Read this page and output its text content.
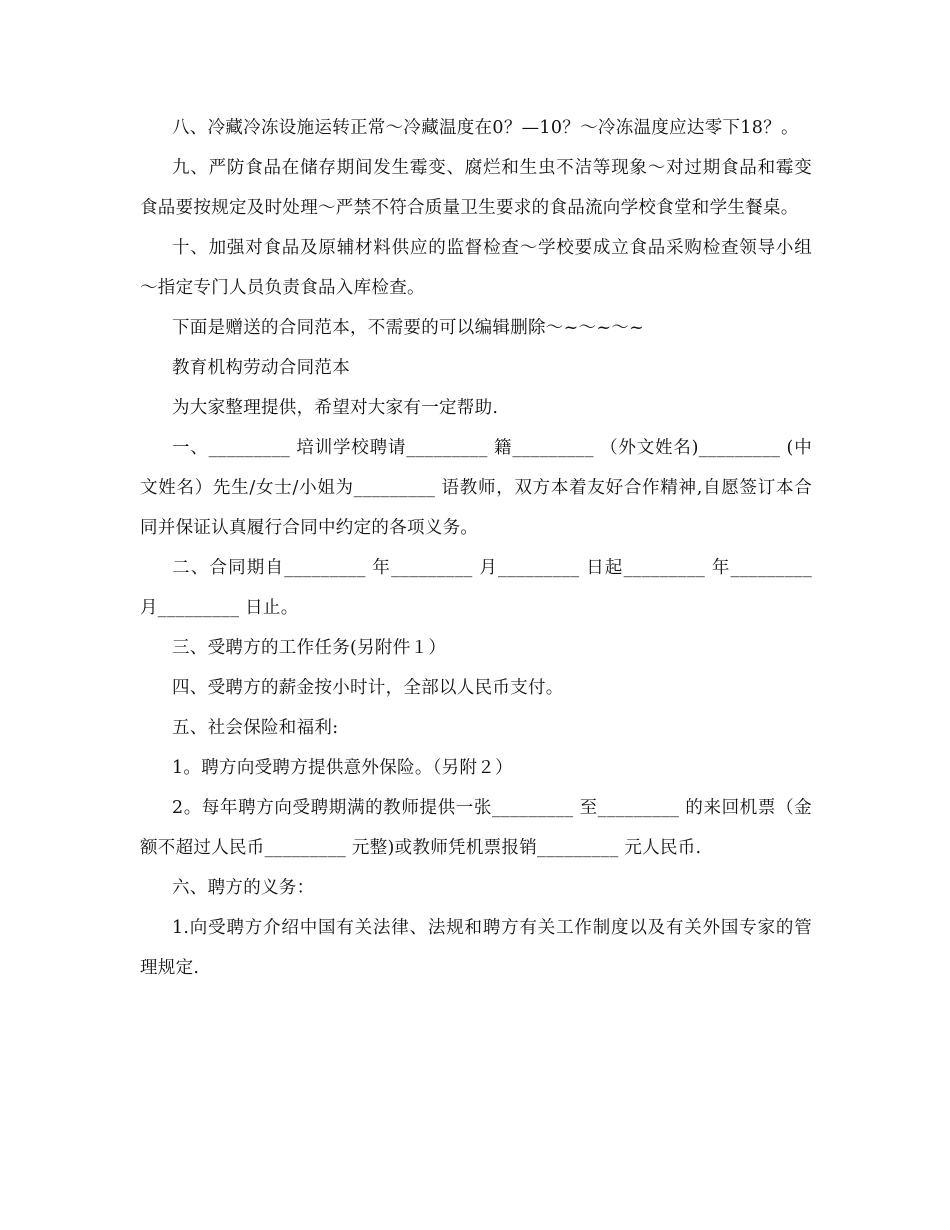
八、冷藏冷冻设施运转正常～冷藏温度在0？—10？～冷冻温度应达零下18？。

九、严防食品在储存期间发生霉变、腐烂和生虫不洁等现象～对过期食品和霉变食品要按规定及时处理～严禁不符合质量卫生要求的食品流向学校食堂和学生餐桌。

十、加强对食品及原辅材料供应的监督检查～学校要成立食品采购检查领导小组～指定专门人员负责食品入库检查。

下面是赠送的合同范本，不需要的可以编辑删除～~～~～~

教育机构劳动合同范本

为大家整理提供，希望对大家有一定帮助.

一、_________ 培训学校聘请_________ 籍_________ （外文姓名)_________ (中文姓名）先生/女士/小姐为_________ 语教师，双方本着友好合作精神,自愿签订本合同并保证认真履行合同中约定的各项义务。

二、合同期自_________ 年_________ 月_________ 日起_________ 年_________ 月_________ 日止。

三、受聘方的工作任务(另附件１）

四、受聘方的薪金按小时计，全部以人民币支付。

五、社会保险和福利:

1。聘方向受聘方提供意外保险。（另附２）

2。每年聘方向受聘期满的教师提供一张_________ 至_________ 的来回机票（金额不超过人民币_________ 元整)或教师凭机票报销_________ 元人民币.

六、聘方的义务：

1.向受聘方介绍中国有关法律、法规和聘方有关工作制度以及有关外国专家的管理规定.
